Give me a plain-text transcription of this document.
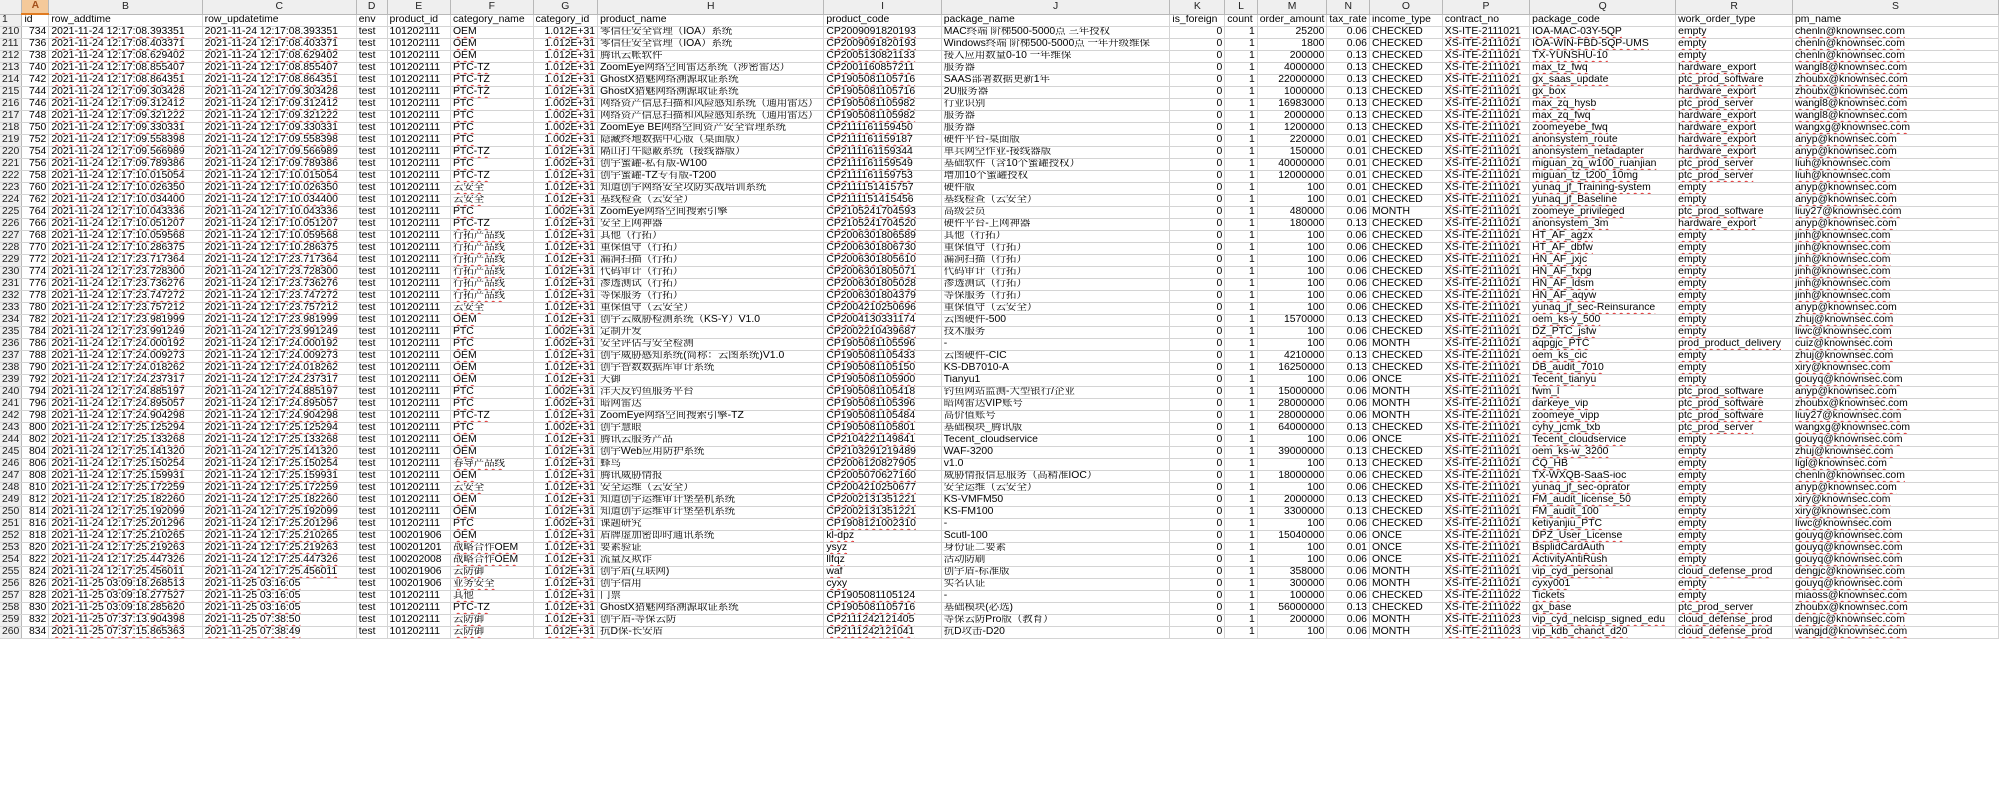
	A	B	C	D	E	F	G	H	I	J	K	L	M	N	O	P	Q	R	S
1	id	row_addtime	row_updatetime	env	product_id	category_name	category_id	product_name	product_code	package_name	is_foreign	count	order_amount	tax_rate	income_type	contract_no	package_code	work_order_type	pm_name
210	734	2021-11-24 12:17:08.393351	2021-11-24 12:17:08.393351	test	101202111	OEM	1.012E+31	零信任安全管理（IOA）系统	CP2009091820193	MAC终端 阶梯500-5000点 三年授权	0	1	25200	0.06	CHECKED	XS-ITE-2111021	IOA-MAC-03Y-5QP	empty	chenln@knownsec.com
211	736	2021-11-24 12:17:08.403371	2021-11-24 12:17:08.403371	test	101202111	OEM	1.012E+31	零信任安全管理（IOA）系统	CP2009091820193	Windows终端 阶梯500-5000点 一年升级维保	0	1	1800	0.06	CHECKED	XS-ITE-2111021	IOA-WIN-FBD-5QP-UMS	empty	chenln@knownsec.com
212	738	2021-11-24 12:17:08.629402	2021-11-24 12:17:08.629402	test	101202111	OEM	1.012E+31	腾讯云帐软件	CP2005130821133	接入应用数量0-10 一年维保	0	1	200000	0.13	CHECKED	XS-ITE-2111021	TX-YUNSHU-10	empty	chenln@knownsec.com
213	740	2021-11-24 12:17:08.855407	2021-11-24 12:17:08.855407	test	101202111	PTC-TZ	1.012E+31	ZoomEye网络空间雷达系统（涉密雷达）	CP2001160857211	服务器	0	1	4000000	0.13	CHECKED	XS-ITE-2111021	max_tz_fwq	hardware_export	wangl8@knownsec.com
214	742	2021-11-24 12:17:08.864351	2021-11-24 12:17:08.864351	test	101202111	PTC-TZ	1.012E+31	GhostX猎魅网络溯源取证系统	CP1905081105716	SAAS部署数据更新1年	0	1	22000000	0.13	CHECKED	XS-ITE-2111021	gx_saas_update	ptc_prod_software	zhoubx@knownsec.com
215	744	2021-11-24 12:17:09.303428	2021-11-24 12:17:09.303428	test	101202111	PTC-TZ	1.012E+31	GhostX猎魅网络溯源取证系统	CP1905081105716	2U服务器	0	1	1000000	0.13	CHECKED	XS-ITE-2111021	gx_box	hardware_export	zhoubx@knownsec.com
216	746	2021-11-24 12:17:09.312412	2021-11-24 12:17:09.312412	test	101202111	PTC	1.002E+31	网络资产信息扫描和风险感知系统（通用雷达）	CP1905081105982	行业识别	0	1	16983000	0.13	CHECKED	XS-ITE-2111021	max_zq_hysb	ptc_prod_server	wangl8@knownsec.com
217	748	2021-11-24 12:17:09.321222	2021-11-24 12:17:09.321222	test	101202111	PTC	1.002E+31	网络资产信息扫描和风险感知系统（通用雷达）	CP1905081105982	服务器	0	1	2000000	0.13	CHECKED	XS-ITE-2111021	max_zq_fwq	hardware_export	wangl8@knownsec.com
218	750	2021-11-24 12:17:09.330331	2021-11-24 12:17:09.330331	test	101202111	PTC	1.002E+31	ZoomEye BE网络空间资产安全管理系统	CP2111161159450	服务器	0	1	1200000	0.13	CHECKED	XS-ITE-2111021	zoomeyebe_fwq	hardware_export	wangxg@knownsec.com
219	752	2021-11-24 12:17:09.558398	2021-11-24 12:17:09.558398	test	101202111	PTC	1.002E+31	隐藏终地数据中心版（桌面版）	CP2111161159187	硬件平台-桌面版	0	1	220000	0.01	CHECKED	XS-ITE-2111021	anonsystem_route	hardware_export	anyp@knownsec.com
220	754	2021-11-24 12:17:09.566989	2021-11-24 12:17:09.566989	test	101202111	PTC-TZ	1.012E+31	隔山打牛隐蔽系统（接线器版）	CP2111161159344	单兵网空作业-接线器版	0	1	150000	0.01	CHECKED	XS-ITE-2111021	anonsystem_netadapter	hardware_export	anyp@knownsec.com
221	756	2021-11-24 12:17:09.789386	2021-11-24 12:17:09.789386	test	101202111	PTC	1.002E+31	创宇蜜罐-私有版-W100	CP2111161159549	基础软件（含10个蜜罐授权）	0	1	40000000	0.01	CHECKED	XS-ITE-2111021	miguan_zq_w100_ruanjian	ptc_prod_server	liuh@knownsec.com
222	758	2021-11-24 12:17:10.015054	2021-11-24 12:17:10.015054	test	101202111	PTC-TZ	1.012E+31	创宇蜜罐-TZ专有版-T200	CP2111161159753	增加10个蜜罐授权	0	1	12000000	0.01	CHECKED	XS-ITE-2111021	miguan_tz_t200_10mg	ptc_prod_server	liuh@knownsec.com
223	760	2021-11-24 12:17:10.026350	2021-11-24 12:17:10.026350	test	101202111	云安全	1.012E+31	知道创宇网络安全攻防实战培训系统	CP2111151415757	硬件版	0	1	100	0.01	CHECKED	XS-ITE-2111021	yunaq_jf_Training-system	empty	anyp@knownsec.com
224	762	2021-11-24 12:17:10.034400	2021-11-24 12:17:10.034400	test	101202111	云安全	1.012E+31	基线检查（云安全）	CP2111151415456	基线检查（云安全）	0	1	100	0.01	CHECKED	XS-ITE-2111021	yunaq_jf_Baseline	empty	anyp@knownsec.com
225	764	2021-11-24 12:17:10.043336	2021-11-24 12:17:10.043336	test	101202111	PTC	1.002E+31	ZoomEye网络空间搜索引擎	CP2105241704593	高级会员	0	1	480000	0.06	MONTH	XS-ITE-2111021	zoomeye_privileged	ptc_prod_software	liuy27@knownsec.com
226	766	2021-11-24 12:17:10.051207	2021-11-24 12:17:10.051207	test	101202111	PTC-TZ	1.012E+31	安全上网神器	CP2105241704520	硬件平台-上网神器	0	1	180000	0.13	CHECKED	XS-ITE-2111021	anonsystem_3m	hardware_export	anyp@knownsec.com
227	768	2021-11-24 12:17:10.059568	2021-11-24 12:17:10.059568	test	101202111	行拓产品线	1.012E+31	其他（行拓）	CP2006301806589	其他（行拓）	0	1	100	0.06	CHECKED	XS-ITE-2111021	HT_AF_agzx	empty	jinh@knownsec.com
228	770	2021-11-24 12:17:10.286375	2021-11-24 12:17:10.286375	test	101202111	行拓产品线	1.012E+31	重保值守（行拓）	CP2006301806730	重保值守（行拓）	0	1	100	0.06	CHECKED	XS-ITE-2111021	HT_AF_dbfw	empty	jinh@knownsec.com
229	772	2021-11-24 12:17:23.717364	2021-11-24 12:17:23.717364	test	101202111	行拓产品线	1.012E+31	漏洞扫描（行拓）	CP2006301805610	漏洞扫描（行拓）	0	1	100	0.06	CHECKED	XS-ITE-2111021	HN_AF_jxjc	empty	jinh@knownsec.com
230	774	2021-11-24 12:17:23.728300	2021-11-24 12:17:23.728300	test	101202111	行拓产品线	1.012E+31	代码审计（行拓）	CP2006301805071	代码审计（行拓）	0	1	100	0.06	CHECKED	XS-ITE-2111021	HN_AF_fxpg	empty	jinh@knownsec.com
231	776	2021-11-24 12:17:23.736276	2021-11-24 12:17:23.736276	test	101202111	行拓产品线	1.012E+31	渗透测试（行拓）	CP2006301805028	渗透测试（行拓）	0	1	100	0.06	CHECKED	XS-ITE-2111021	HN_AF_ldsm	empty	jinh@knownsec.com
232	778	2021-11-24 12:17:23.747272	2021-11-24 12:17:23.747272	test	101202111	行拓产品线	1.012E+31	等保服务（行拓）	CP2006301804379	等保服务（行拓）	0	1	100	0.06	CHECKED	XS-ITE-2111021	HN_AF_aqyw	empty	jinh@knownsec.com
233	780	2021-11-24 12:17:23.757212	2021-11-24 12:17:23.757212	test	101202111	云安全	1.012E+31	重保值守（云安全）	CP2004210250696	重保值守（云安全）	0	1	100	0.06	CHECKED	XS-ITE-2111021	yunaq_jf_sec-Reinsurance	empty	anyp@knownsec.com
234	782	2021-11-24 12:17:23.981999	2021-11-24 12:17:23.981999	test	101202111	OEM	1.012E+31	创宇云威胁检测系统（KS-Y）V1.0	CP2004130331174	云图硬件-500	0	1	1570000	0.13	CHECKED	XS-ITE-2111021	oem_ks-y_500	empty	zhuj@knownsec.com
235	784	2021-11-24 12:17:23.991249	2021-11-24 12:17:23.991249	test	101202111	PTC	1.002E+31	定制开发	CP2002210439687	技术服务	0	1	100	0.06	CHECKED	XS-ITE-2111021	DZ_PTC_jsfw	empty	liwc@knownsec.com
236	786	2021-11-24 12:17:24.000192	2021-11-24 12:17:24.000192	test	101202111	PTC	1.002E+31	安全评估与安全检测	CP1905081105596	-	0	1	100	0.06	MONTH	XS-ITE-2111021	aqpgjc_PTC	prod_product_delivery	cuiz@knownsec.com
237	788	2021-11-24 12:17:24.009273	2021-11-24 12:17:24.009273	test	101202111	OEM	1.012E+31	创宇威胁感知系统(简称：云图系统)V1.0	CP1905081105433	云图硬件-CIC	0	1	4210000	0.13	CHECKED	XS-ITE-2111021	oem_ks_cic	empty	zhuj@knownsec.com
238	790	2021-11-24 12:17:24.018262	2021-11-24 12:17:24.018262	test	101202111	OEM	1.012E+31	创宇智数数据库审计系统	CP1905081105150	KS-DB7010-A	0	1	16250000	0.13	CHECKED	XS-ITE-2111021	DB_audit_7010	empty	xiry@knownsec.com
239	792	2021-11-24 12:17:24.237317	2021-11-24 12:17:24.237317	test	101202111	OEM	1.012E+31	天御	CP1905081105900	Tianyu1	0	1	100	0.06	ONCE	XS-ITE-2111021	Tecent_tianyu	empty	gouyq@knownsec.com
240	794	2021-11-24 12:17:24.885197	2021-11-24 12:17:24.885197	test	101202111	PTC	1.002E+31	洋天反钓鱼服务平台	CP1905081105418	钓鱼网站监测-大型银行/企业	0	1	15000000	0.06	MONTH	XS-ITE-2111021	fwm_l	ptc_prod_software	anyp@knownsec.com
241	796	2021-11-24 12:17:24.895057	2021-11-24 12:17:24.895057	test	101202111	PTC	1.002E+31	暗网雷达	CP1905081105396	暗网雷达VIP账号	0	1	28000000	0.06	MONTH	XS-ITE-2111021	darkeye_vip	ptc_prod_software	zhoubx@knownsec.com
242	798	2021-11-24 12:17:24.904298	2021-11-24 12:17:24.904298	test	101202111	PTC-TZ	1.012E+31	ZoomEye网络空间搜索引擎-TZ	CP1905081105484	高价值账号	0	1	28000000	0.06	MONTH	XS-ITE-2111021	zoomeye_vipp	ptc_prod_software	liuy27@knownsec.com
243	800	2021-11-24 12:17:25.125294	2021-11-24 12:17:25.125294	test	101202111	PTC	1.002E+31	创宇慧眼	CP1905081105801	基础模块_腾讯版	0	1	64000000	0.13	CHECKED	XS-ITE-2111021	cyhy_jcmk_txb	ptc_prod_server	wangxg@knownsec.com
244	802	2021-11-24 12:17:25.133268	2021-11-24 12:17:25.133268	test	101202111	OEM	1.012E+31	腾讯云服务产品	CP2104221149841	Tecent_cloudservice	0	1	100	0.06	ONCE	XS-ITE-2111021	Tecent_cloudservice	empty	gouyq@knownsec.com
245	804	2021-11-24 12:17:25.141320	2021-11-24 12:17:25.141320	test	101202111	OEM	1.012E+31	创宇Web应用防护系统	CP2103291219489	WAF-3200	0	1	39000000	0.13	CHECKED	XS-ITE-2111021	oem_ks-w_3200	empty	zhuj@knownsec.com
246	806	2021-11-24 12:17:25.150254	2021-11-24 12:17:25.150254	test	101202111	春导产品线	1.012E+31	蜂鸟	CP2006120827905	v1.0	0	1	100	0.13	CHECKED	XS-ITE-2111021	CQ_HB	empty	ligl@knownsec.com
247	808	2021-11-24 12:17:25.159931	2021-11-24 12:17:25.159931	test	101202111	OEM	1.012E+31	腾讯威胁情报	CP2005070627160	威胁情报信息服务（高精准IOC）	0	1	18000000	0.06	CHECKED	XS-ITE-2111021	TX-WXQB-SaaS-ioc	empty	chenln@knownsec.com
248	810	2021-11-24 12:17:25.172259	2021-11-24 12:17:25.172259	test	101202111	云安全	1.012E+31	安全运维（云安全）	CP2004210250677	安全运维（云安全）	0	1	100	0.06	CHECKED	XS-ITE-2111021	yunaq_jf_sec-oprator	empty	anyp@knownsec.com
249	812	2021-11-24 12:17:25.182260	2021-11-24 12:17:25.182260	test	101202111	OEM	1.012E+31	知道创宇运维审计堡垒机系统	CP2002131351221	KS-VMFM50	0	1	2000000	0.13	CHECKED	XS-ITE-2111021	FM_audit_license_50	empty	xiry@knownsec.com
250	814	2021-11-24 12:17:25.192099	2021-11-24 12:17:25.192099	test	101202111	OEM	1.012E+31	知道创宇运维审计堡垒机系统	CP2002131351221	KS-FM100	0	1	3300000	0.13	CHECKED	XS-ITE-2111021	FM_audit_100	empty	xiry@knownsec.com
251	816	2021-11-24 12:17:25.201296	2021-11-24 12:17:25.201296	test	101202111	PTC	1.002E+31	课题研究	CP1908121002310	-	0	1	100	0.06	CHECKED	XS-ITE-2111021	ketiyanjiu_PTC	empty	liwc@knownsec.com
252	818	2021-11-24 12:17:25.210265	2021-11-24 12:17:25.210265	test	100201906	OEM	1.012E+31	盾牌虚加密即时通讯系统	kl-dpz	Scutl-100	0	1	15040000	0.06	ONCE	XS-ITE-2111021	DPZ_User_License	empty	gouyq@knownsec.com
253	820	2021-11-24 12:17:25.219263	2021-11-24 12:17:25.219263	test	100201201	战略合作OEM	1.012E+31	要素验证	ysyz	身份证二要素	0	1	100	0.01	ONCE	XS-ITE-2111021	BsplidCardAuth	empty	gouyq@knownsec.com
254	822	2021-11-24 12:17:25.447326	2021-11-24 12:17:25.447326	test	100202008	战略合作OEM	1.012E+31	流量反欺诈	llfqz	活动防刷	0	1	100	0.06	ONCE	XS-ITE-2111021	ActivityAntiRush	empty	gouyq@knownsec.com
255	824	2021-11-24 12:17:25.456011	2021-11-24 12:17:25.456011	test	100201906	云防御	1.012E+31	创宇盾(互联网)	waf	创宇盾-标准版	0	1	358000	0.06	MONTH	XS-ITE-2111021	vip_cyd_personal	cloud_defense_prod	dengjc@knownsec.com
256	826	2021-11-25 03:09:18.268513	2021-11-25 03:16:05	test	100201906	业务安全	1.012E+31	创宇信用	cyxy	实名认证	0	1	300000	0.06	MONTH	XS-ITE-2111021	cyxy001	empty	gouyq@knownsec.com
257	828	2021-11-25 03:09:18.277527	2021-11-25 03:16:05	test	101202111	其他	1.012E+31	门票	CP1905081105124	-	0	1	100000	0.06	CHECKED	XS-ITE-2111022	Tickets	empty	miaoss@knownsec.com
258	830	2021-11-25 03:09:18.285620	2021-11-25 03:16:05	test	101202111	PTC-TZ	1.012E+31	GhostX猎魅网络溯源取证系统	CP1905081105716	基础模块(必选)	0	1	56000000	0.13	CHECKED	XS-ITE-2111022	gx_base	ptc_prod_server	zhoubx@knownsec.com
259	832	2021-11-25 07:37:13.904398	2021-11-25 07:38:50	test	101202111	云防御	1.012E+31	创宇盾-等保云防	CP2111242121405	等保云防Pro版（教育）	0	1	200000	0.06	MONTH	XS-ITE-2111023	vip_cyd_nelcisp_signed_edu	cloud_defense_prod	dengjc@knownsec.com
260	834	2021-11-25 07:37:15.865363	2021-11-25 07:38:49	test	101202111	云防御	1.012E+31	抗D保-长安盾	CP2111242121041	抗D攻击-D20	0	1	100	0.06	MONTH	XS-ITE-2111023	vip_kdb_chanct_d20	cloud_defense_prod	wangjd@knownsec.com
